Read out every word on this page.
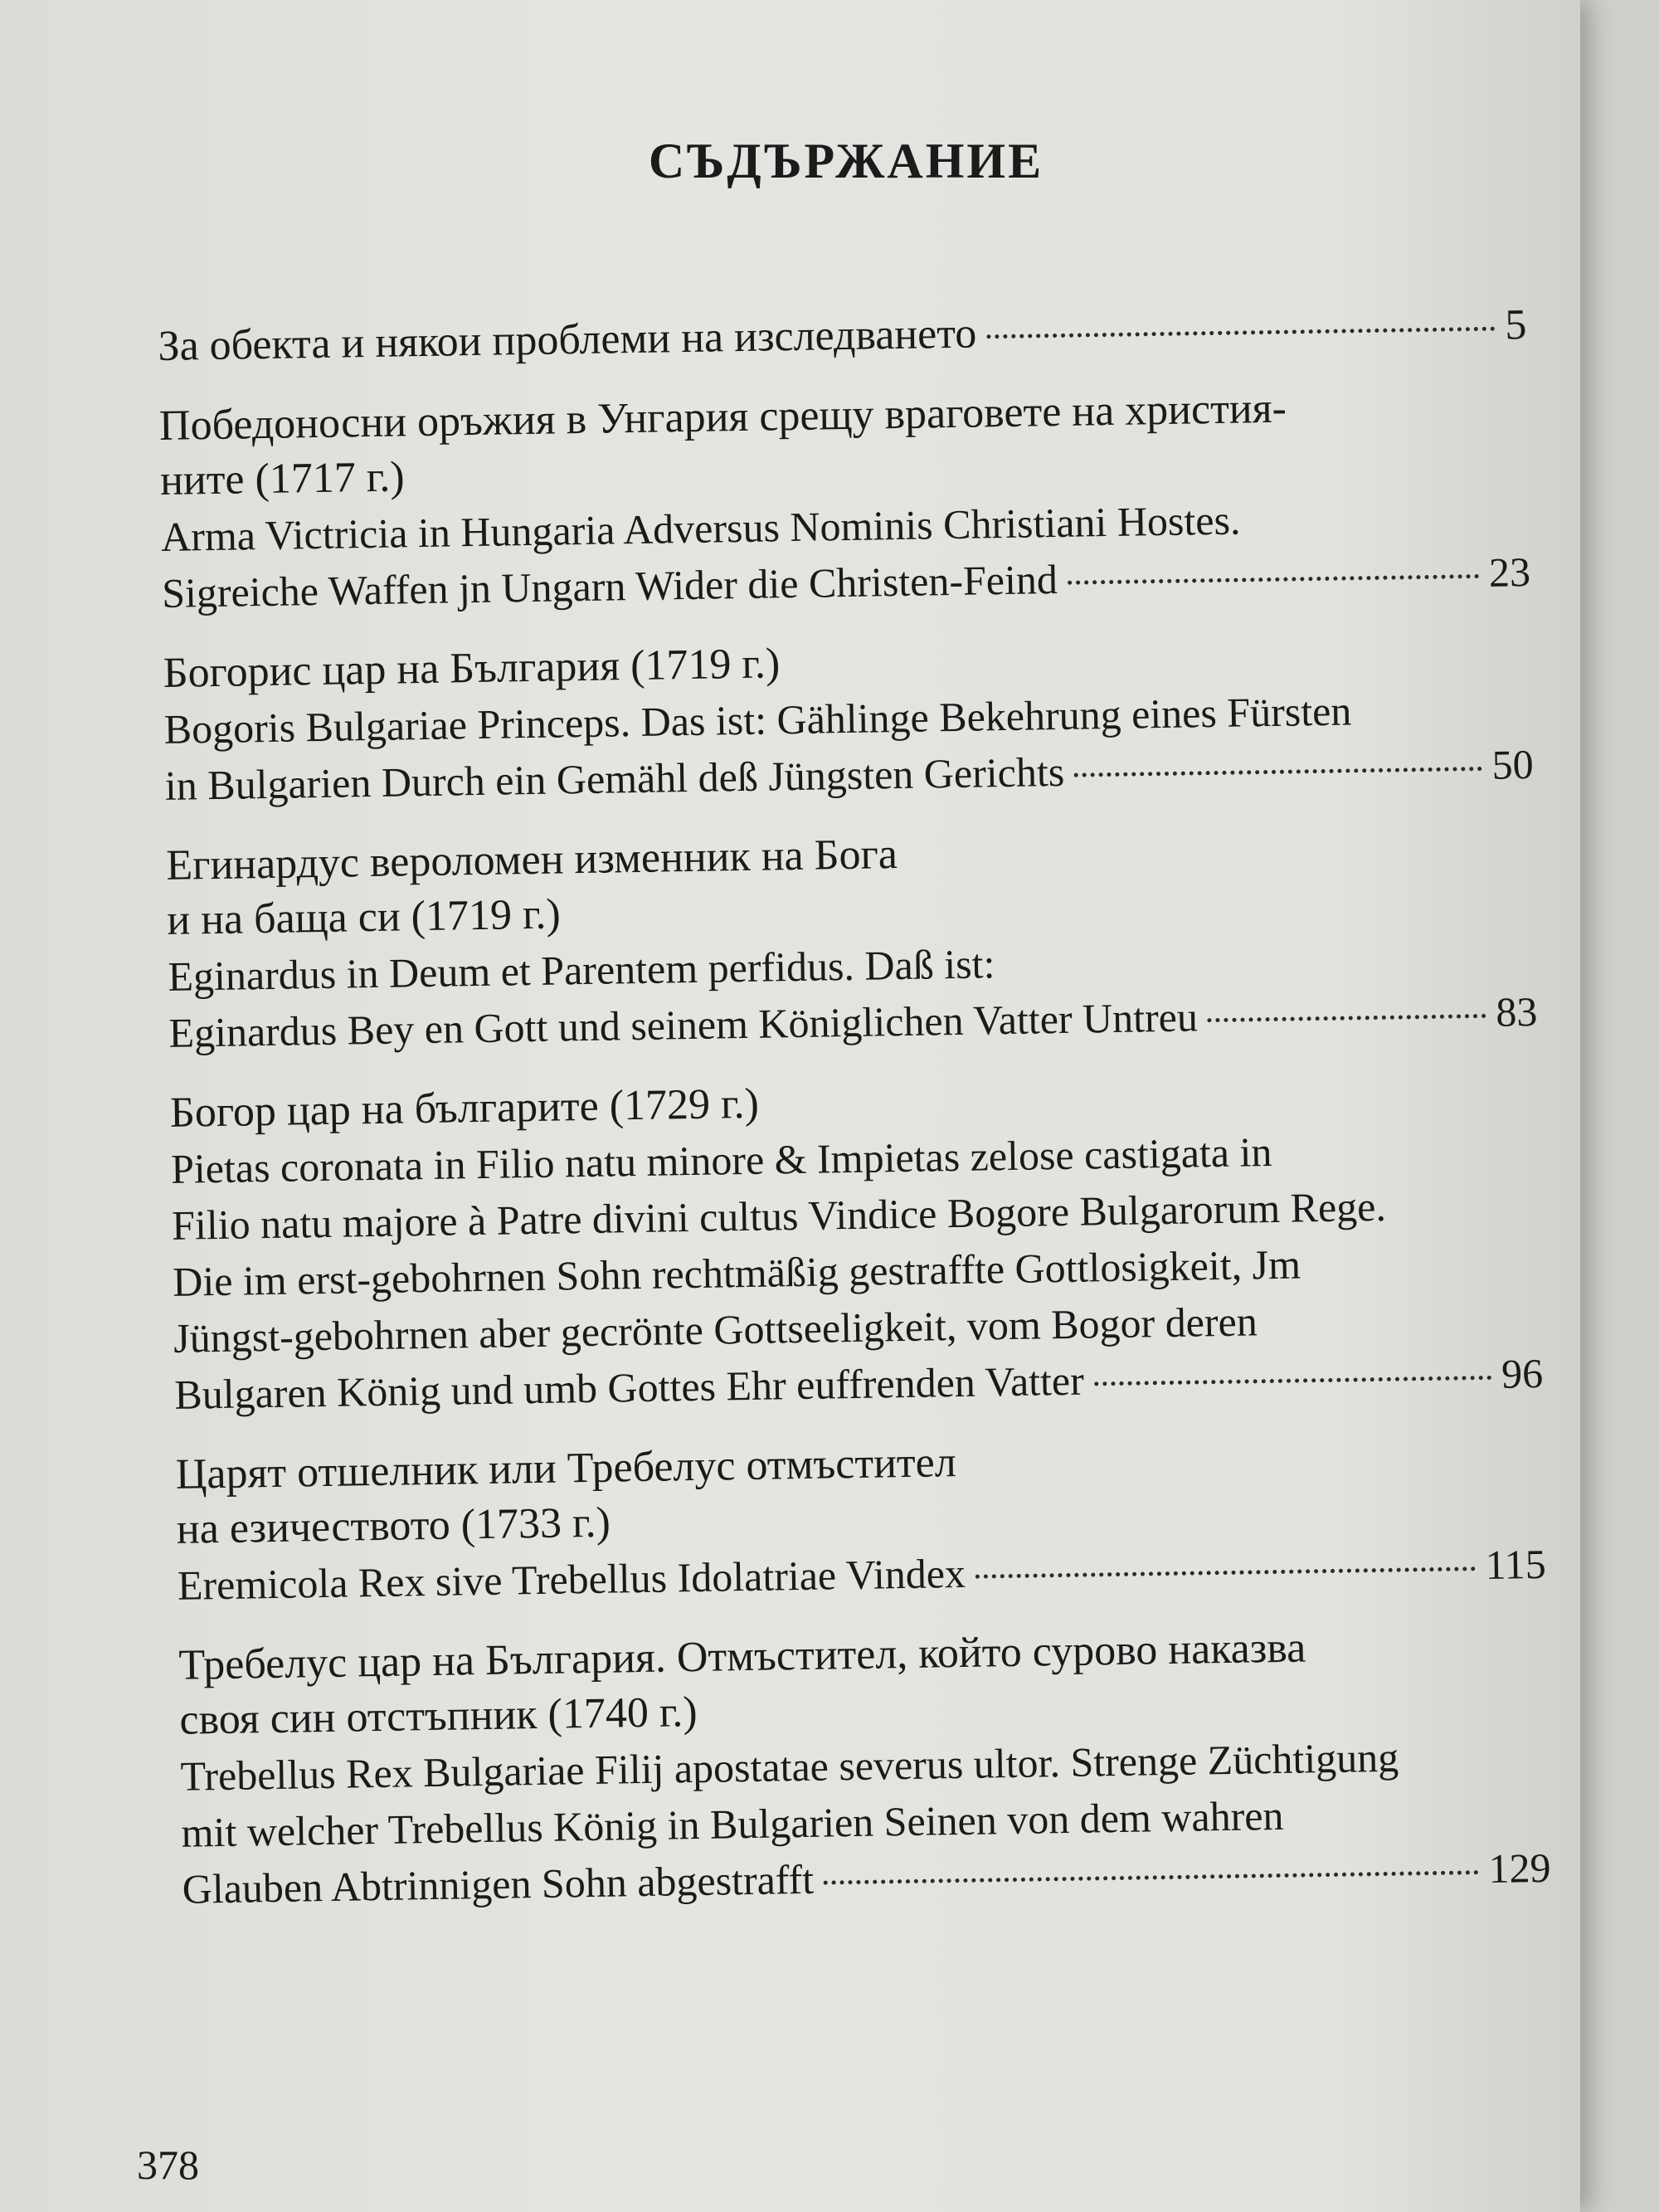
СЪДЪРЖАНИЕ
За обекта и някои проблеми на изследването	5
Победоносни оръжия в Унгария срещу враговете на христия-
ните (1717 г.)
Arma Victricia in Hungaria Adversus Nominis Christiani Hostes.
Sigreiche Waffen jn Ungarn Wider die Christen-Feind	23
Богорис цар на България (1719 г.)
Bogoris Bulgariae Princeps. Das ist: Gählinge Bekehrung eines Fürsten
in Bulgarien Durch ein Gemähl deß Jüngsten Gerichts	50
Егинардус вероломен изменник на Бога
и на баща си (1719 г.)
Eginardus in Deum et Parentem perfidus. Daß ist:
Eginardus Bey en Gott und seinem Königlichen Vatter Untreu	83
Богор цар на българите (1729 г.)
Pietas coronata in Filio natu minore & Impietas zelose castigata in
Filio natu majore à Patre divini cultus Vindice Bogore Bulgarorum Rege.
Die im erst-gebohrnen Sohn rechtmäßig gestraffte Gottlosigkeit, Jm
Jüngst-gebohrnen aber gecrönte Gottseeligkeit, vom Bogor deren
Bulgaren König und umb Gottes Ehr euffrenden Vatter	96
Царят отшелник или Требелус отмъстител
на езичеството (1733 г.)
Eremicola Rex sive Trebellus Idolatriae Vindex	115
Требелус цар на България. Отмъстител, който сурово наказва
своя син отстъпник (1740 г.)
Trebellus Rex Bulgariae Filij apostatae severus ultor. Strenge Züchtigung
mit welcher Trebellus König in Bulgarien Seinen von dem wahren
Glauben Abtrinnigen Sohn abgestrafft	129
378
